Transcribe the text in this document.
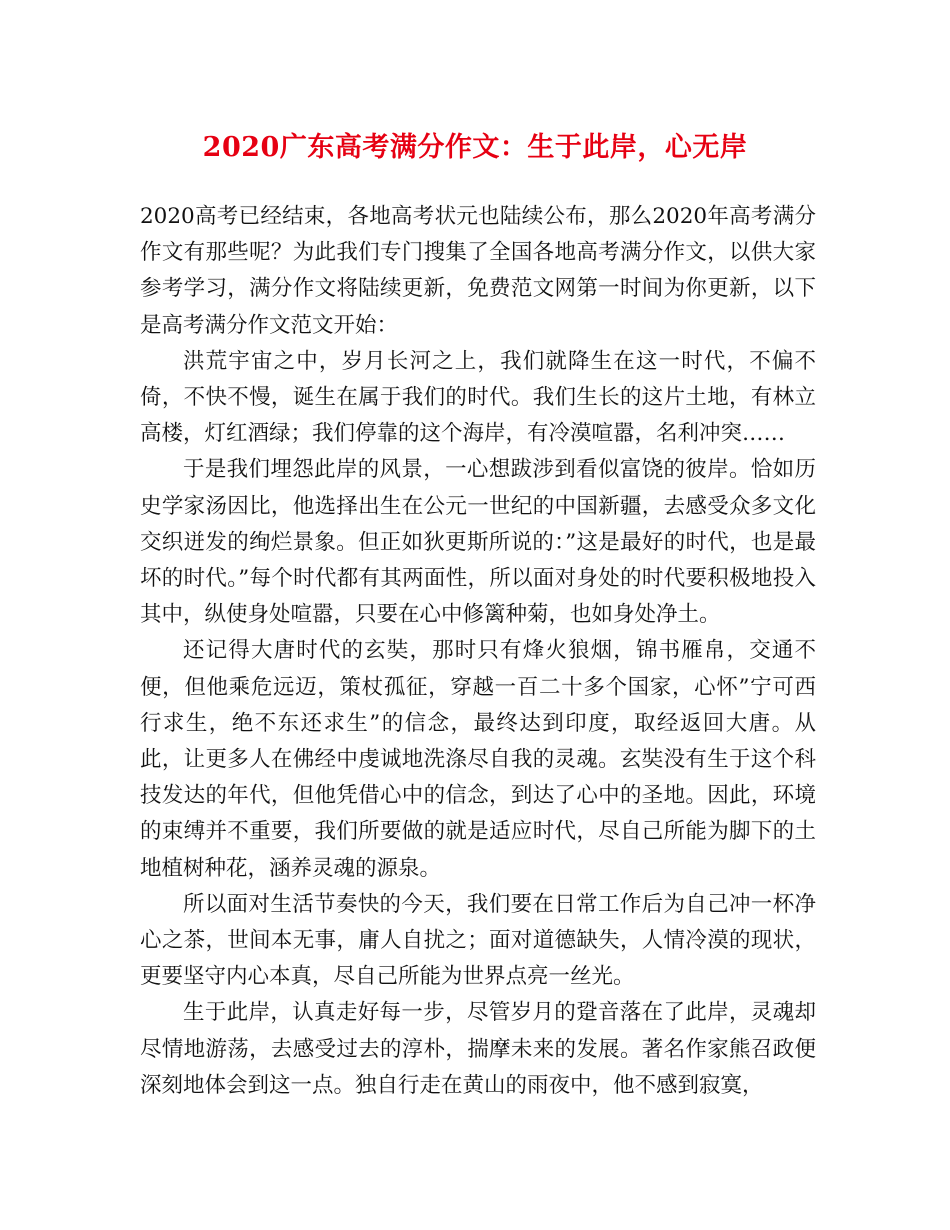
2020广东高考满分作文：生于此岸，心无岸

2020高考已经结束，各地高考状元也陆续公布，那么2020年高考满分作文有那些呢？为此我们专门搜集了全国各地高考满分作文，以供大家参考学习，满分作文将陆续更新，免费范文网第一时间为你更新，以下是高考满分作文范文开始：

洪荒宇宙之中，岁月长河之上，我们就降生在这一时代，不偏不倚，不快不慢，诞生在属于我们的时代。我们生长的这片土地，有林立高楼，灯红酒绿；我们停靠的这个海岸，有冷漠喧嚣，名利冲突……

于是我们埋怨此岸的风景，一心想跋涉到看似富饶的彼岸。恰如历史学家汤因比，他选择出生在公元一世纪的中国新疆，去感受众多文化交织迸发的绚烂景象。但正如狄更斯所说的：”这是最好的时代，也是最坏的时代。”每个时代都有其两面性，所以面对身处的时代要积极地投入其中，纵使身处喧嚣，只要在心中修篱种菊，也如身处净土。

还记得大唐时代的玄奘，那时只有烽火狼烟，锦书雁帛，交通不便，但他乘危远迈，策杖孤征，穿越一百二十多个国家，心怀”宁可西行求生，绝不东还求生”的信念，最终达到印度，取经返回大唐。从此，让更多人在佛经中虔诚地洗涤尽自我的灵魂。玄奘没有生于这个科技发达的年代，但他凭借心中的信念，到达了心中的圣地。因此，环境的束缚并不重要，我们所要做的就是适应时代，尽自己所能为脚下的土地植树种花，涵养灵魂的源泉。

所以面对生活节奏快的今天，我们要在日常工作后为自己冲一杯净心之茶，世间本无事，庸人自扰之；面对道德缺失，人情冷漠的现状，更要坚守内心本真，尽自己所能为世界点亮一丝光。

生于此岸，认真走好每一步，尽管岁月的跫音落在了此岸，灵魂却尽情地游荡，去感受过去的淳朴，揣摩未来的发展。著名作家熊召政便深刻地体会到这一点。独自行走在黄山的雨夜中，他不感到寂寞，
